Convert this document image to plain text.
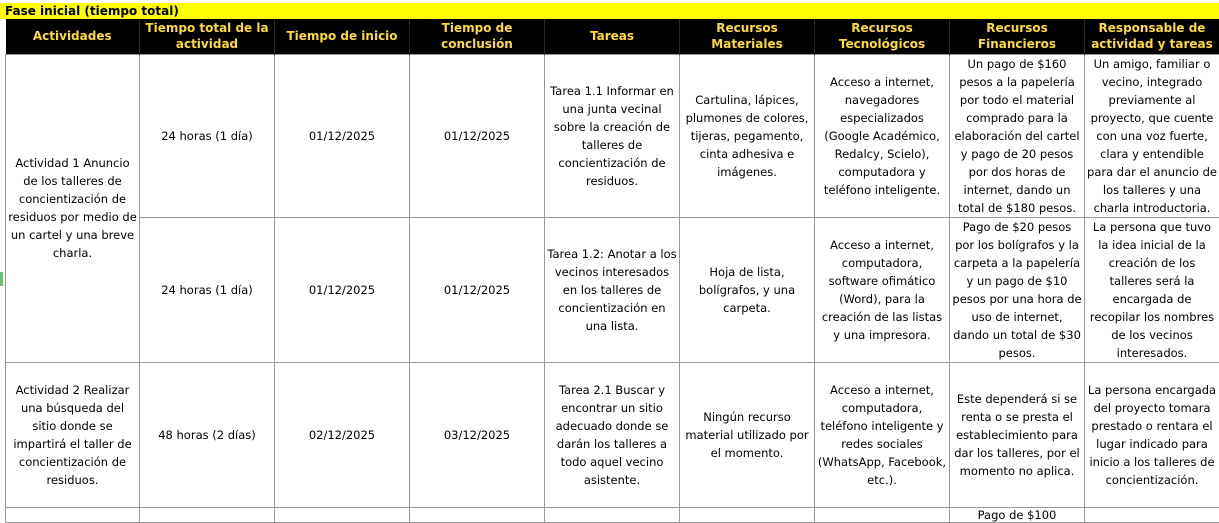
Fase inicial (tiempo total)
Actividades	Tiempo total de la actividad	Tiempo de inicio	Tiempo de conclusión	Tareas	Recursos Materiales	Recursos Tecnológicos	Recursos Financieros	Responsable de actividad y tareas
Actividad 1 Anuncio de los talleres de concientización de residuos por medio de un cartel y una breve charla.	24 horas (1 día)	01/12/2025	01/12/2025	Tarea 1.1 Informar en una junta vecinal sobre la creación de talleres de concientización de residuos.	Cartulina, lápices, plumones de colores, tijeras, pegamento, cinta adhesiva e imágenes.	Acceso a internet, navegadores especializados (Google Académico, Redalcy, Scielo), computadora y teléfono inteligente.	Un pago de $160 pesos a la papelería por todo el material comprado para la elaboración del cartel y pago de 20 pesos por dos horas de internet, dando un total de $180 pesos.	Un amigo, familiar o vecino, integrado previamente al proyecto, que cuente con una voz fuerte, clara y entendible para dar el anuncio de los talleres y una charla introductoria.
	24 horas (1 día)	01/12/2025	01/12/2025	Tarea 1.2: Anotar a los vecinos interesados en los talleres de concientización en una lista.	Hoja de lista, bolígrafos, y una carpeta.	Acceso a internet, computadora, software ofimático (Word), para la creación de las listas y una impresora.	Pago de $20 pesos por los bolígrafos y la carpeta a la papelería y un pago de $10 pesos por una hora de uso de internet, dando un total de $30 pesos.	La persona que tuvo la idea inicial de la creación de los talleres será la encargada de recopilar los nombres de los vecinos interesados.
Actividad 2 Realizar una búsqueda del sitio donde se impartirá el taller de concientización de residuos.	48 horas (2 días)	02/12/2025	03/12/2025	Tarea 2.1 Buscar y encontrar un sitio adecuado donde se darán los talleres a todo aquel vecino asistente.	Ningún recurso material utilizado por el momento.	Acceso a internet, computadora, teléfono inteligente y redes sociales (WhatsApp, Facebook, etc.).	Este dependerá si se renta o se presta el establecimiento para dar los talleres, por el momento no aplica.	La persona encargada del proyecto tomara prestado o rentara el lugar indicado para inicio a los talleres de concientización.
							Pago de $100	
